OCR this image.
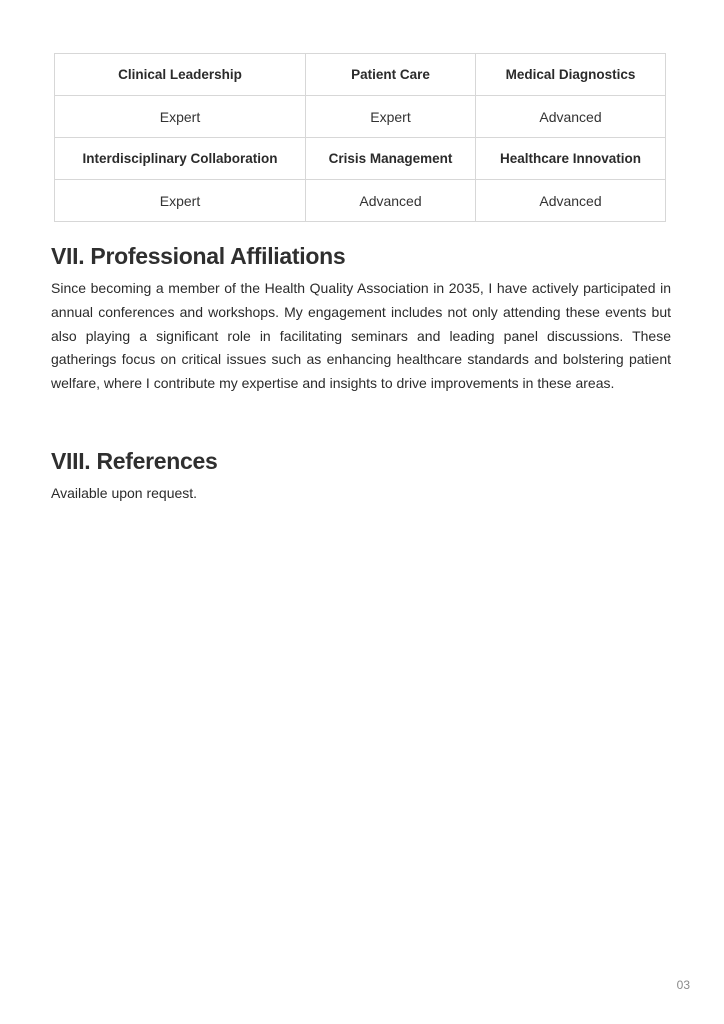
Clinical Leadership	Patient Care	Medical Diagnostics
Expert	Expert	Advanced
Interdisciplinary Collaboration	Crisis Management	Healthcare Innovation
Expert	Advanced	Advanced
VII. Professional Affiliations

Since becoming a member of the Health Quality Association in 2035, I have actively participated in annual conferences and workshops. My engagement includes not only attending these events but also playing a significant role in facilitating seminars and leading panel discussions. These gatherings focus on critical issues such as enhancing healthcare standards and bolstering patient welfare, where I contribute my expertise and insights to drive improvements in these areas.

VIII. References

Available upon request.

03
